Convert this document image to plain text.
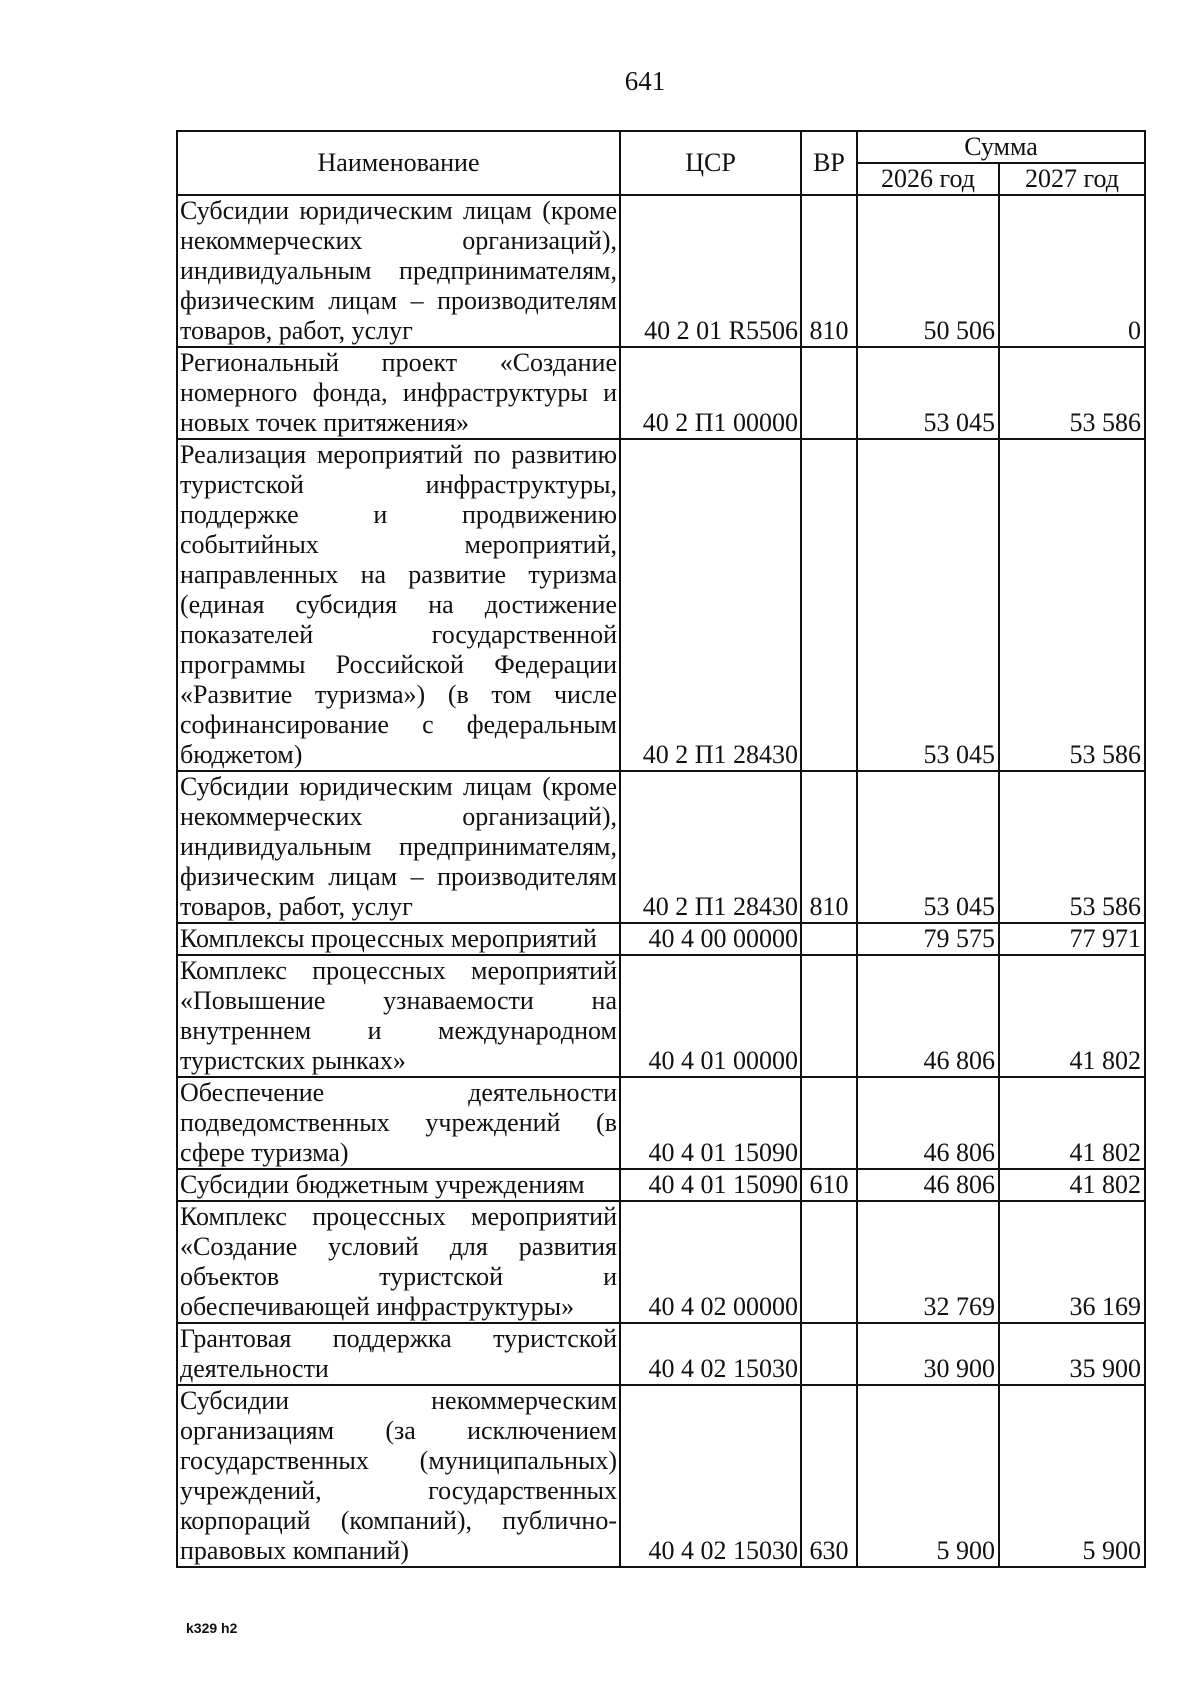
641
Наименование	ЦСР	ВР	Сумма	
			2026 год	2027 год
Субсидии юридическим лицам (кроме некоммерческих организаций), индивидуальным предпринимателям, физическим лицам – производителям товаров, работ, услуг	40 2 01 R5506	810	50 506	0
Региональный проект «Создание номерного фонда, инфраструктуры и новых точек притяжения»	40 2 П1 00000		53 045	53 586
Реализация мероприятий по развитию туристской инфраструктуры, поддержке и продвижению событийных мероприятий, направленных на развитие туризма (единая субсидия на достижение показателей государственной программы Российской Федерации «Развитие туризма») (в том числе софинансирование с федеральным бюджетом)	40 2 П1 28430		53 045	53 586
Субсидии юридическим лицам (кроме некоммерческих организаций), индивидуальным предпринимателям, физическим лицам – производителям товаров, работ, услуг	40 2 П1 28430	810	53 045	53 586
Комплексы процессных мероприятий	40 4 00 00000		79 575	77 971
Комплекс процессных мероприятий «Повышение узнаваемости на внутреннем и международном туристских рынках»	40 4 01 00000		46 806	41 802
Обеспечение деятельности подведомственных учреждений (в сфере туризма)	40 4 01 15090		46 806	41 802
Субсидии бюджетным учреждениям	40 4 01 15090	610	46 806	41 802
Комплекс процессных мероприятий «Создание условий для развития объектов туристской и обеспечивающей инфраструктуры»	40 4 02 00000		32 769	36 169
Грантовая поддержка туристской деятельности	40 4 02 15030		30 900	35 900
Субсидии некоммерческим организациям (за исключением государственных (муниципальных) учреждений, государственных корпораций (компаний), публично-правовых компаний)	40 4 02 15030	630	5 900	5 900
k329 h2
